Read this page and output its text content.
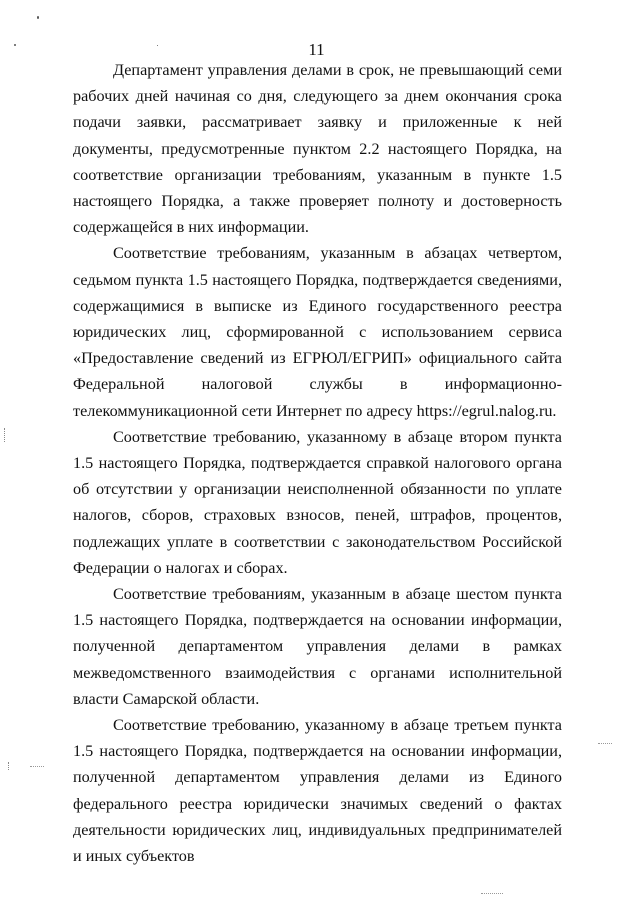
11

Департамент управления делами в срок, не превышающий семи рабочих дней начиная со дня, следующего за днем окончания срока подачи заявки, рассматривает заявку и приложенные к ней документы, предусмотренные пунктом 2.2 настоящего Порядка, на соответствие организации требованиям, указанным в пункте 1.5 настоящего Порядка, а также проверяет полноту и достоверность содержащейся в них информации.

Соответствие требованиям, указанным в абзацах четвертом, седьмом пункта 1.5 настоящего Порядка, подтверждается сведениями, содержащимися в выписке из Единого государственного реестра юридических лиц, сформированной с использованием сервиса «Предоставление сведений из ЕГРЮЛ/ЕГРИП» официального сайта Федеральной налоговой службы в информационно-телекоммуникационной сети Интернет по адресу https://egrul.nalog.ru.

Соответствие требованию, указанному в абзаце втором пункта 1.5 настоящего Порядка, подтверждается справкой налогового органа об отсутствии у организации неисполненной обязанности по уплате налогов, сборов, страховых взносов, пеней, штрафов, процентов, подлежащих уплате в соответствии с законодательством Российской Федерации о налогах и сборах.

Соответствие требованиям, указанным в абзаце шестом пункта 1.5 настоящего Порядка, подтверждается на основании информации, полученной департаментом управления делами в рамках межведомственного взаимодействия с органами исполнительной власти Самарской области.

Соответствие требованию, указанному в абзаце третьем пункта 1.5 настоящего Порядка, подтверждается на основании информации, полученной департаментом управления делами из Единого федерального реестра юридически значимых сведений о фактах деятельности юридических лиц, индивидуальных предпринимателей и иных субъектов
